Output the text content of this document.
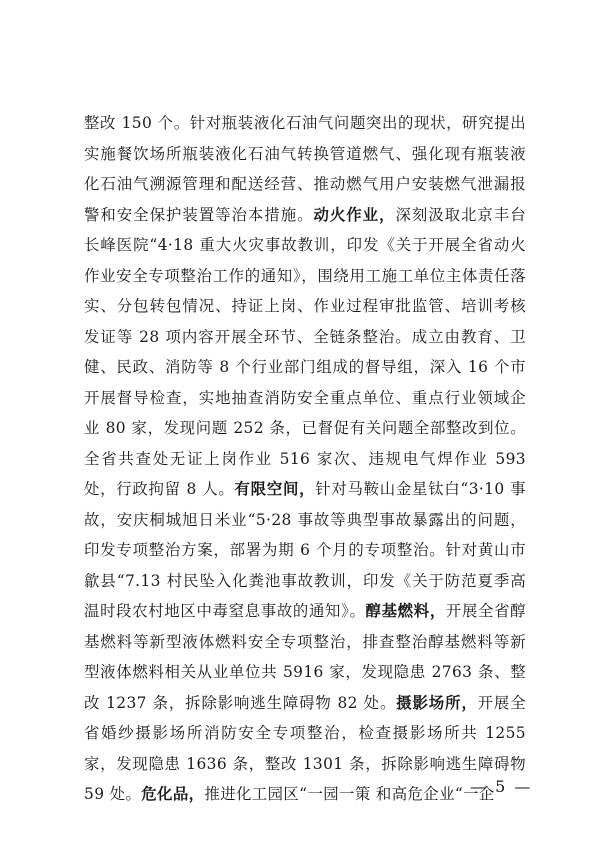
整改 150 个。针对瓶装液化石油气问题突出的现状，研究提出实施餐饮场所瓶装液化石油气转换管道燃气、强化现有瓶装液化石油气溯源管理和配送经营、推动燃气用户安装燃气泄漏报警和安全保护装置等治本措施。动火作业，深刻汲取北京丰台长峰医院“4·18 重大火灾事故教训，印发《关于开展全省动火作业安全专项整治工作的通知》，围绕用工施工单位主体责任落实、分包转包情况、持证上岗、作业过程审批监管、培训考核发证等 28 项内容开展全环节、全链条整治。成立由教育、卫健、民政、消防等 8 个行业部门组成的督导组，深入 16 个市开展督导检查，实地抽查消防安全重点单位、重点行业领域企业 80 家，发现问题 252 条，已督促有关问题全部整改到位。全省共查处无证上岗作业 516 家次、违规电气焊作业 593 处，行政拘留 8 人。有限空间，针对马鞍山金星钛白“3·10 事故，安庆桐城旭日米业“5·28 事故等典型事故暴露出的问题，印发专项整治方案，部署为期 6 个月的专项整治。针对黄山市歙县“7.13 村民坠入化粪池事故教训，印发《关于防范夏季高温时段农村地区中毒窒息事故的通知》。醇基燃料，开展全省醇基燃料等新型液体燃料安全专项整治，排查整治醇基燃料等新型液体燃料相关从业单位共 5916 家，发现隐患 2763 条、整改 1237 条，拆除影响逃生障碍物 82 处。摄影场所，开展全省婚纱摄影场所消防安全专项整治，检查摄影场所共 1255 家，发现隐患 1636 条，整改 1301 条，拆除影响逃生障碍物 59 处。危化品，推进化工园区“一园一策 和高危企业“一企

— 5 —
